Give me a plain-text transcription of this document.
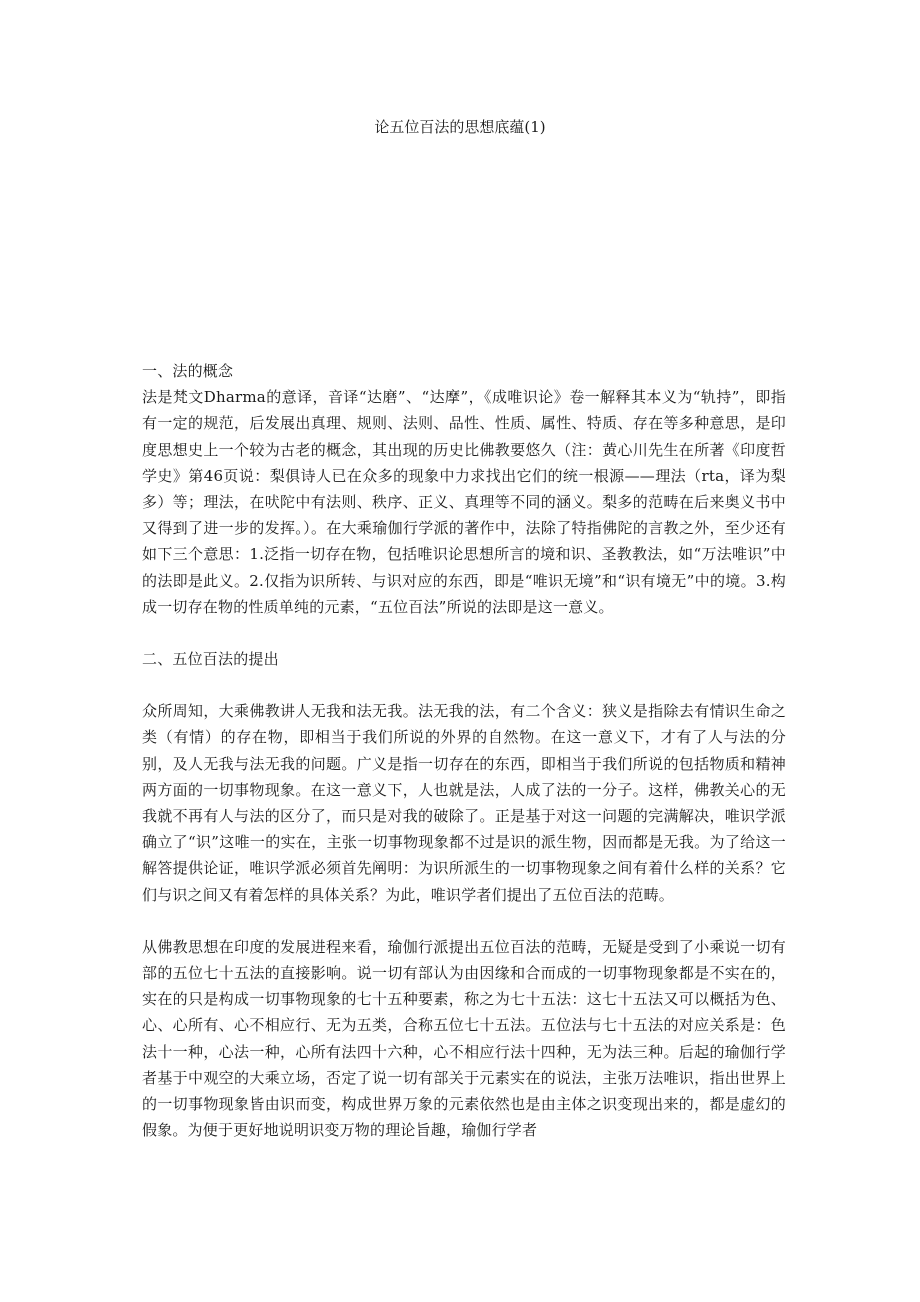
论五位百法的思想底蕴(1)

一、法的概念

法是梵文Dharma的意译，音译“达磨”、“达摩”，《成唯识论》卷一解释其本义为“轨持”，即指有一定的规范，后发展出真理、规则、法则、品性、性质、属性、特质、存在等多种意思，是印度思想史上一个较为古老的概念，其出现的历史比佛教要悠久（注：黄心川先生在所著《印度哲学史》第46页说：梨俱诗人已在众多的现象中力求找出它们的统一根源——理法（rta，译为梨多）等；理法，在吠陀中有法则、秩序、正义、真理等不同的涵义。梨多的范畴在后来奥义书中又得到了进一步的发挥。）。在大乘瑜伽行学派的著作中，法除了特指佛陀的言教之外，至少还有如下三个意思：1.泛指一切存在物，包括唯识论思想所言的境和识、圣教教法，如“万法唯识”中的法即是此义。2.仅指为识所转、与识对应的东西，即是“唯识无境”和“识有境无”中的境。3.构成一切存在物的性质单纯的元素，“五位百法”所说的法即是这一意义。

二、五位百法的提出

众所周知，大乘佛教讲人无我和法无我。法无我的法，有二个含义：狭义是指除去有情识生命之类（有情）的存在物，即相当于我们所说的外界的自然物。在这一意义下，才有了人与法的分别，及人无我与法无我的问题。广义是指一切存在的东西，即相当于我们所说的包括物质和精神两方面的一切事物现象。在这一意义下，人也就是法，人成了法的一分子。这样，佛教关心的无我就不再有人与法的区分了，而只是对我的破除了。正是基于对这一问题的完满解决，唯识学派确立了“识”这唯一的实在，主张一切事物现象都不过是识的派生物，因而都是无我。为了给这一解答提供论证，唯识学派必须首先阐明：为识所派生的一切事物现象之间有着什么样的关系？它们与识之间又有着怎样的具体关系？为此，唯识学者们提出了五位百法的范畴。

从佛教思想在印度的发展进程来看，瑜伽行派提出五位百法的范畴，无疑是受到了小乘说一切有部的五位七十五法的直接影响。说一切有部认为由因缘和合而成的一切事物现象都是不实在的，实在的只是构成一切事物现象的七十五种要素，称之为七十五法：这七十五法又可以概括为色、心、心所有、心不相应行、无为五类，合称五位七十五法。五位法与七十五法的对应关系是：色法十一种，心法一种，心所有法四十六种，心不相应行法十四种，无为法三种。后起的瑜伽行学者基于中观空的大乘立场，否定了说一切有部关于元素实在的说法，主张万法唯识，指出世界上的一切事物现象皆由识而变，构成世界万象的元素依然也是由主体之识变现出来的，都是虚幻的假象。为便于更好地说明识变万物的理论旨趣，瑜伽行学者
